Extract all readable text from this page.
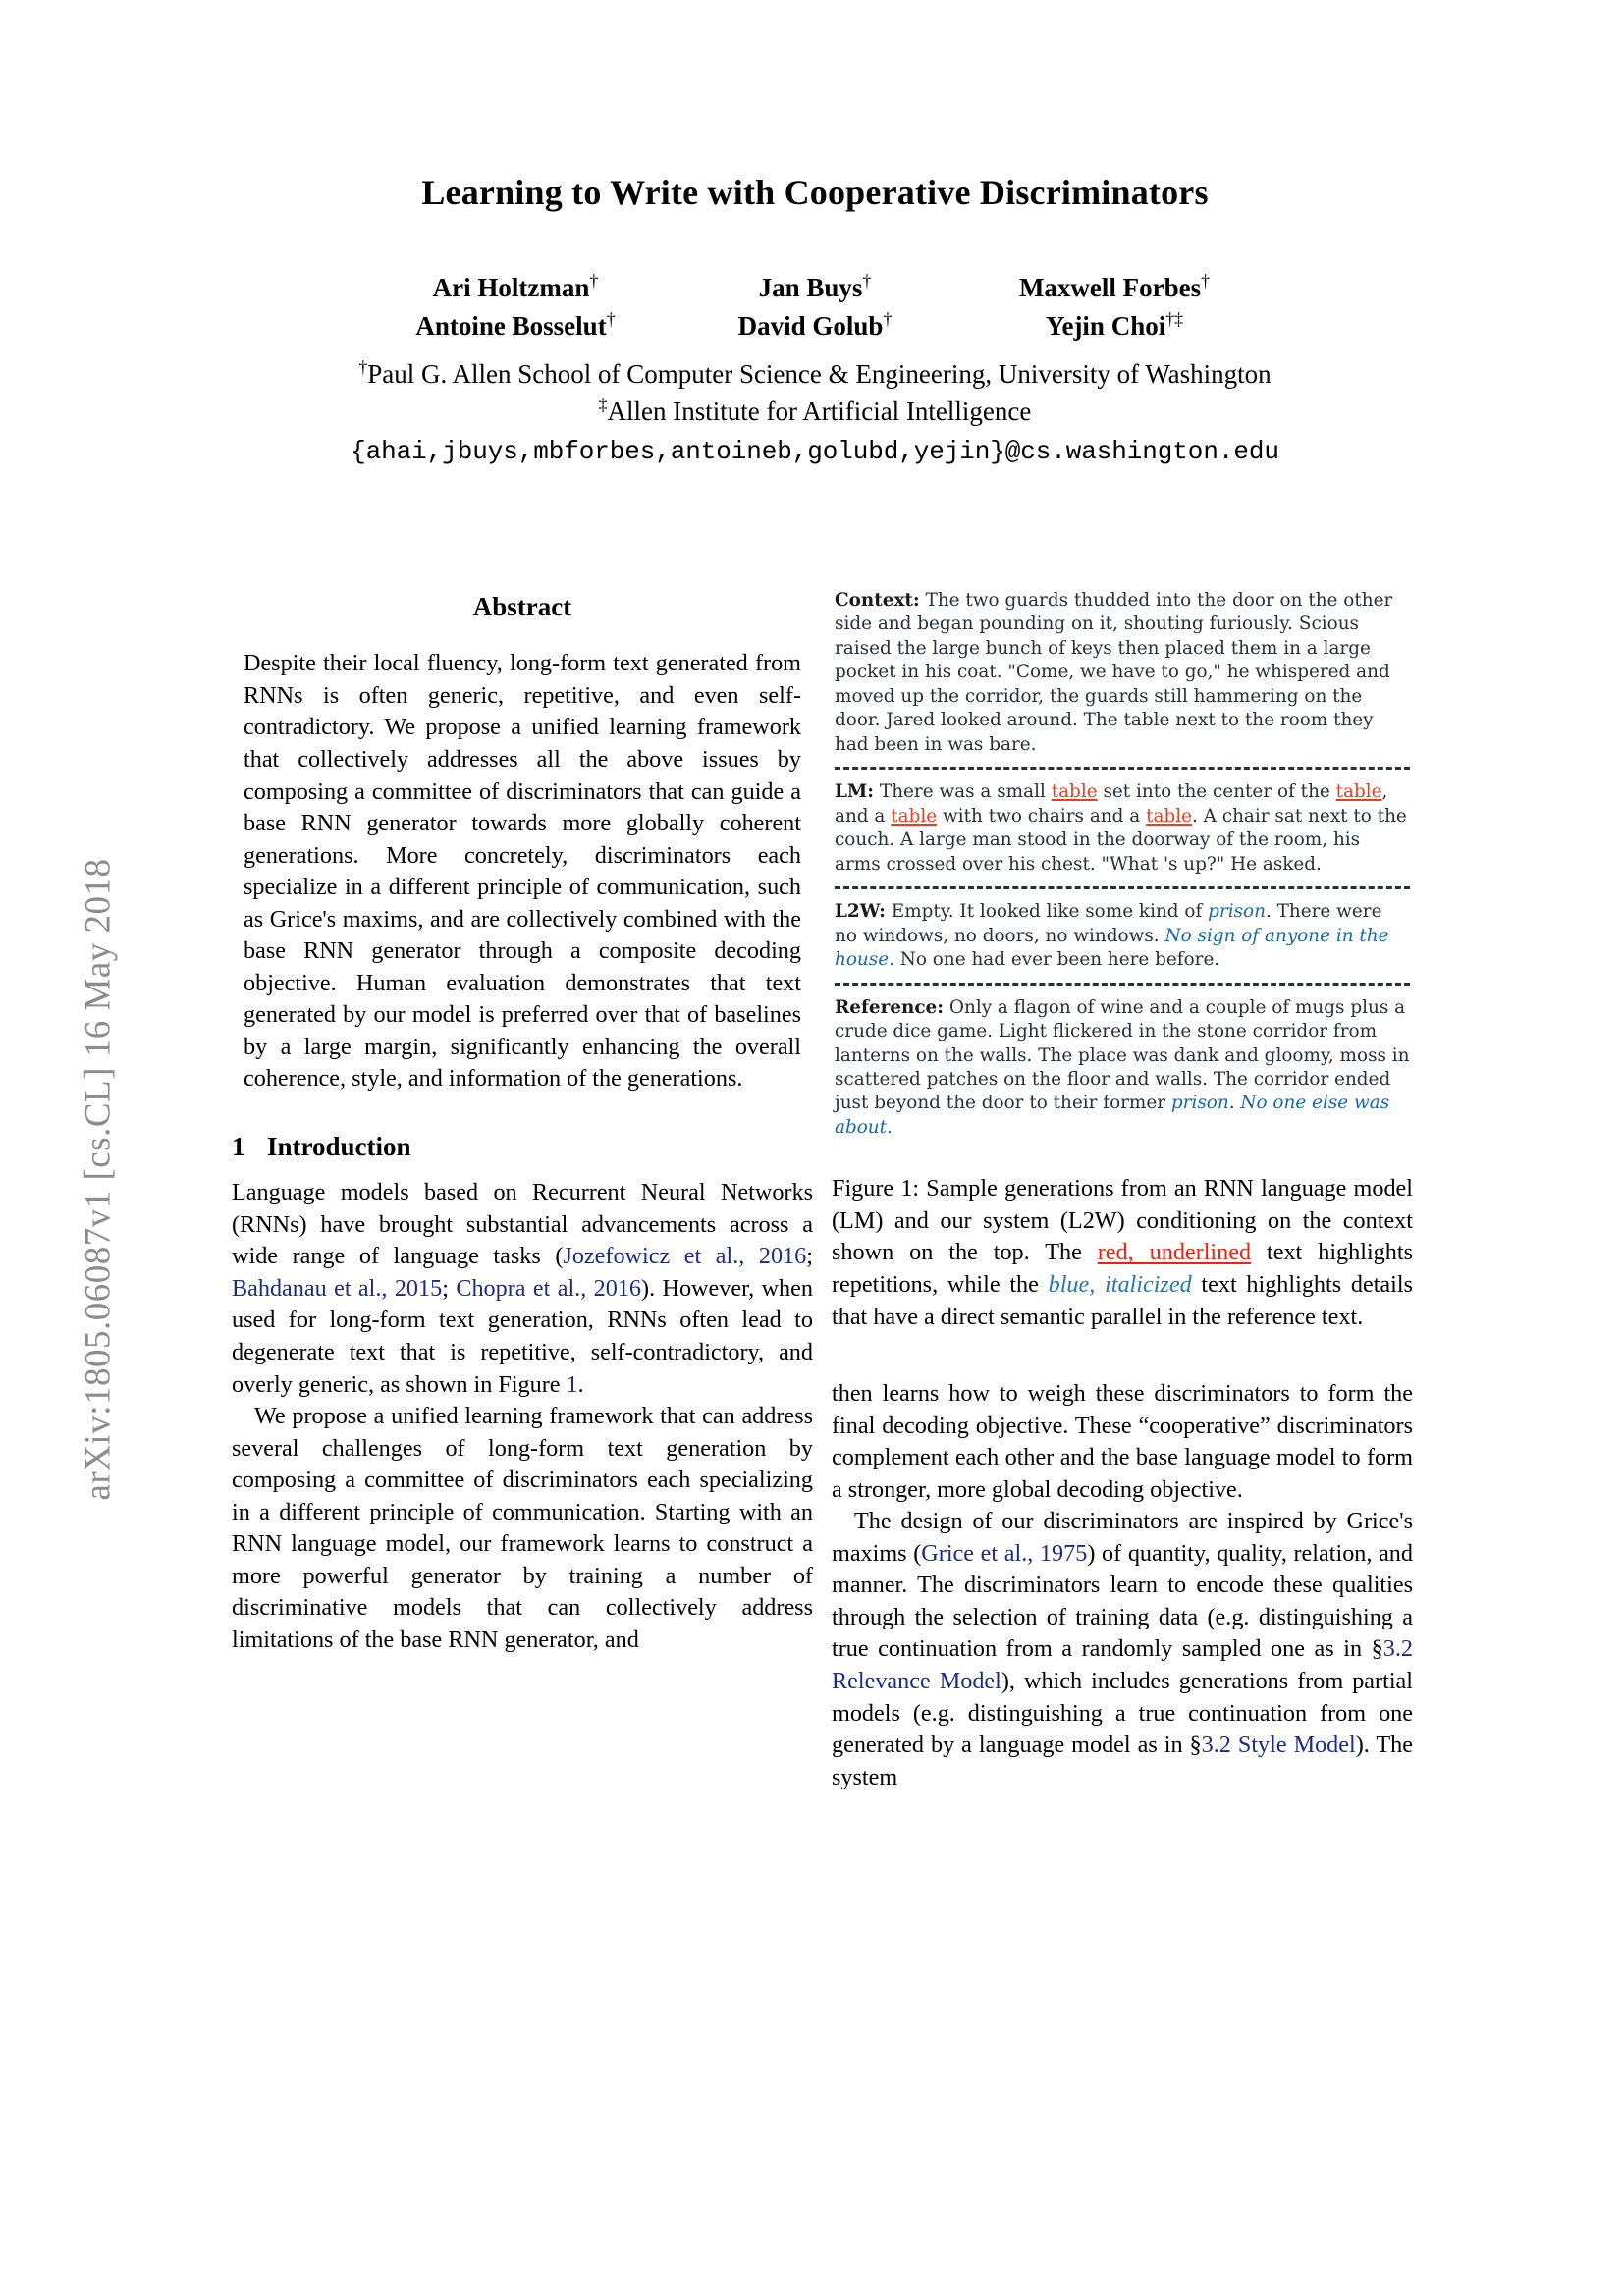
arXiv:1805.06087v1 [cs.CL] 16 May 2018
Learning to Write with Cooperative Discriminators
Ari Holtzman†	Jan Buys†	Maxwell Forbes†
Antoine Bosselut†	David Golub†	Yejin Choi†‡
†Paul G. Allen School of Computer Science & Engineering, University of Washington
‡Allen Institute for Artificial Intelligence
{ahai,jbuys,mbforbes,antoineb,golubd,yejin}@cs.washington.edu
Abstract
Despite their local fluency, long-form text generated from RNNs is often generic, repetitive, and even self-contradictory. We propose a unified learning framework that collectively addresses all the above issues by composing a committee of discriminators that can guide a base RNN generator towards more globally coherent generations. More concretely, discriminators each specialize in a different principle of communication, such as Grice's maxims, and are collectively combined with the base RNN generator through a composite decoding objective. Human evaluation demonstrates that text generated by our model is preferred over that of baselines by a large margin, significantly enhancing the overall coherence, style, and information of the generations.
1 Introduction

Language models based on Recurrent Neural Networks (RNNs) have brought substantial advancements across a wide range of language tasks (Jozefowicz et al., 2016; Bahdanau et al., 2015; Chopra et al., 2016). However, when used for long-form text generation, RNNs often lead to degenerate text that is repetitive, self-contradictory, and overly generic, as shown in Figure 1.

We propose a unified learning framework that can address several challenges of long-form text generation by composing a committee of discriminators each specializing in a different principle of communication. Starting with an RNN language model, our framework learns to construct a more powerful generator by training a number of discriminative models that can collectively address limitations of the base RNN generator, and

Context: The two guards thudded into the door on the other side and began pounding on it, shouting furiously. Scious raised the large bunch of keys then placed them in a large pocket in his coat. "Come, we have to go," he whispered and moved up the corridor, the guards still hammering on the door. Jared looked around. The table next to the room they had been in was bare.
LM: There was a small table set into the center of the table, and a table with two chairs and a table. A chair sat next to the couch. A large man stood in the doorway of the room, his arms crossed over his chest. "What 's up?" He asked.
L2W: Empty. It looked like some kind of prison. There were no windows, no doors, no windows. No sign of anyone in the house. No one had ever been here before.
Reference: Only a flagon of wine and a couple of mugs plus a crude dice game. Light flickered in the stone corridor from lanterns on the walls. The place was dank and gloomy, moss in scattered patches on the floor and walls. The corridor ended just beyond the door to their former prison. No one else was about.
Figure 1: Sample generations from an RNN language model (LM) and our system (L2W) conditioning on the context shown on the top. The red, underlined text highlights repetitions, while the blue, italicized text highlights details that have a direct semantic parallel in the reference text.

then learns how to weigh these discriminators to form the final decoding objective. These “cooperative” discriminators complement each other and the base language model to form a stronger, more global decoding objective.

The design of our discriminators are inspired by Grice's maxims (Grice et al., 1975) of quantity, quality, relation, and manner. The discriminators learn to encode these qualities through the selection of training data (e.g. distinguishing a true continuation from a randomly sampled one as in §3.2 Relevance Model), which includes generations from partial models (e.g. distinguishing a true continuation from one generated by a language model as in §3.2 Style Model). The system
